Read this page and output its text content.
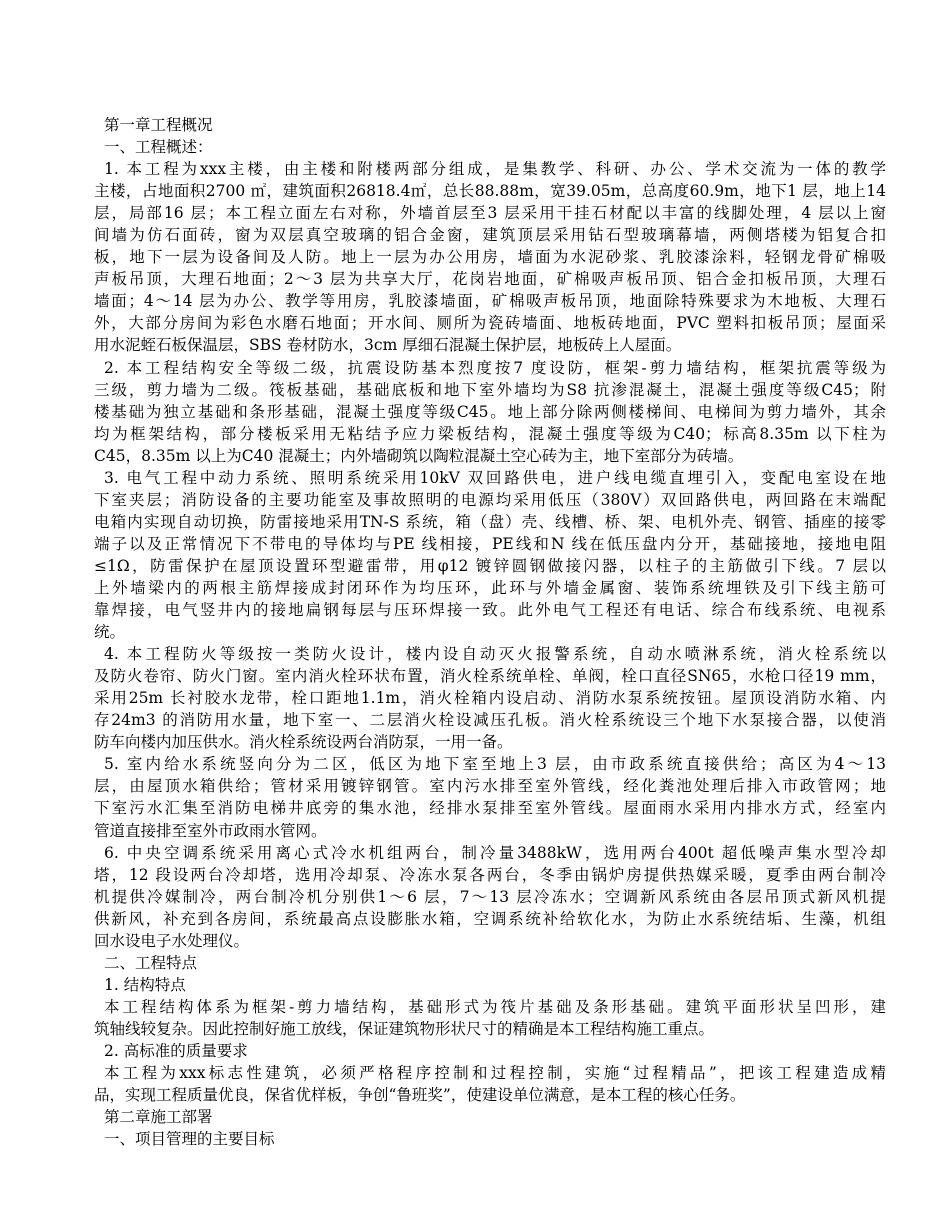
第一章工程概况
一、工程概述：
1. 本工程为xxx主楼，由主楼和附楼两部分组成，是集教学、科研、办公、学术交流为一体的教学
主楼，占地面积2700 ㎡，建筑面积26818.4㎡，总长88.88m，宽39.05m，总高度60.9m，地下1 层，地上14
层，局部16 层；本工程立面左右对称，外墙首层至3 层采用干挂石材配以丰富的线脚处理，4 层以上窗
间墙为仿石面砖，窗为双层真空玻璃的铝合金窗，建筑顶层采用钻石型玻璃幕墙，两侧塔楼为铝复合扣
板，地下一层为设备间及人防。地上一层为办公用房，墙面为水泥砂浆、乳胶漆涂料，轻钢龙骨矿棉吸
声板吊顶，大理石地面；2～3 层为共享大厅，花岗岩地面，矿棉吸声板吊顶、铝合金扣板吊顶，大理石
墙面；4～14 层为办公、教学等用房，乳胶漆墙面，矿棉吸声板吊顶，地面除特殊要求为木地板、大理石
外，大部分房间为彩色水磨石地面；开水间、厕所为瓷砖墙面、地板砖地面，PVC 塑料扣板吊顶；屋面采
用水泥蛭石板保温层，SBS 卷材防水，3cm 厚细石混凝土保护层，地板砖上人屋面。
2. 本工程结构安全等级二级，抗震设防基本烈度按7 度设防，框架-剪力墙结构，框架抗震等级为
三级，剪力墙为二级。筏板基础，基础底板和地下室外墙均为S8 抗渗混凝土，混凝土强度等级C45；附
楼基础为独立基础和条形基础，混凝土强度等级C45。地上部分除两侧楼梯间、电梯间为剪力墙外，其余
均为框架结构，部分楼板采用无粘结予应力梁板结构，混凝土强度等级为C40；标高8.35m 以下柱为
C45，8.35m 以上为C40 混凝土；内外墙砌筑以陶粒混凝土空心砖为主，地下室部分为砖墙。
3. 电气工程中动力系统、照明系统采用10kV 双回路供电，进户线电缆直埋引入，变配电室设在地
下室夹层；消防设备的主要功能室及事故照明的电源均采用低压（380V）双回路供电，两回路在末端配
电箱内实现自动切换，防雷接地采用TN-S 系统，箱（盘）壳、线槽、桥、架、电机外壳、钢管、插座的接零
端子以及正常情况下不带电的导体均与PE 线相接，PE线和N 线在低压盘内分开，基础接地，接地电阻
≤1Ω，防雷保护在屋顶设置环型避雷带，用φ12 镀锌圆钢做接闪器，以柱子的主筋做引下线。7 层以
上外墙梁内的两根主筋焊接成封闭环作为均压环，此环与外墙金属窗、装饰系统埋铁及引下线主筋可
靠焊接，电气竖井内的接地扁钢每层与压环焊接一致。此外电气工程还有电话、综合布线系统、电视系
统。
4. 本工程防火等级按一类防火设计，楼内设自动灭火报警系统，自动水喷淋系统，消火栓系统以
及防火卷帘、防火门窗。室内消火栓环状布置，消火栓系统单栓、单阀，栓口直径SN65，水枪口径19 mm，
采用25m 长衬胶水龙带，栓口距地1.1m，消火栓箱内设启动、消防水泵系统按钮。屋顶设消防水箱、内
存24m3 的消防用水量，地下室一、二层消火栓设减压孔板。消火栓系统设三个地下水泵接合器，以使消
防车向楼内加压供水。消火栓系统设两台消防泵，一用一备。
5. 室内给水系统竖向分为二区，低区为地下室至地上3 层，由市政系统直接供给；高区为4～13
层，由屋顶水箱供给；管材采用镀锌钢管。室内污水排至室外管线，经化粪池处理后排入市政管网；地
下室污水汇集至消防电梯井底旁的集水池，经排水泵排至室外管线。屋面雨水采用内排水方式，经室内
管道直接排至室外市政雨水管网。
6. 中央空调系统采用离心式冷水机组两台，制冷量3488kW，选用两台400t 超低噪声集水型冷却
塔，12 段设两台冷却塔，选用冷却泵、冷冻水泵各两台，冬季由锅炉房提供热媒采暖，夏季由两台制冷
机提供冷媒制冷，两台制冷机分别供1～6 层，7～13 层冷冻水；空调新风系统由各层吊顶式新风机提
供新风，补充到各房间，系统最高点设膨胀水箱，空调系统补给软化水，为防止水系统结垢、生藻，机组
回水设电子水处理仪。
二、工程特点
1. 结构特点
本工程结构体系为框架-剪力墙结构，基础形式为筏片基础及条形基础。建筑平面形状呈凹形，建
筑轴线较复杂。因此控制好施工放线，保证建筑物形状尺寸的精确是本工程结构施工重点。
2. 高标准的质量要求
本工程为xxx标志性建筑，必须严格程序控制和过程控制，实施“过程精品”，把该工程建造成精
品，实现工程质量优良，保省优样板，争创“鲁班奖”，使建设单位满意，是本工程的核心任务。
第二章施工部署
一、项目管理的主要目标
